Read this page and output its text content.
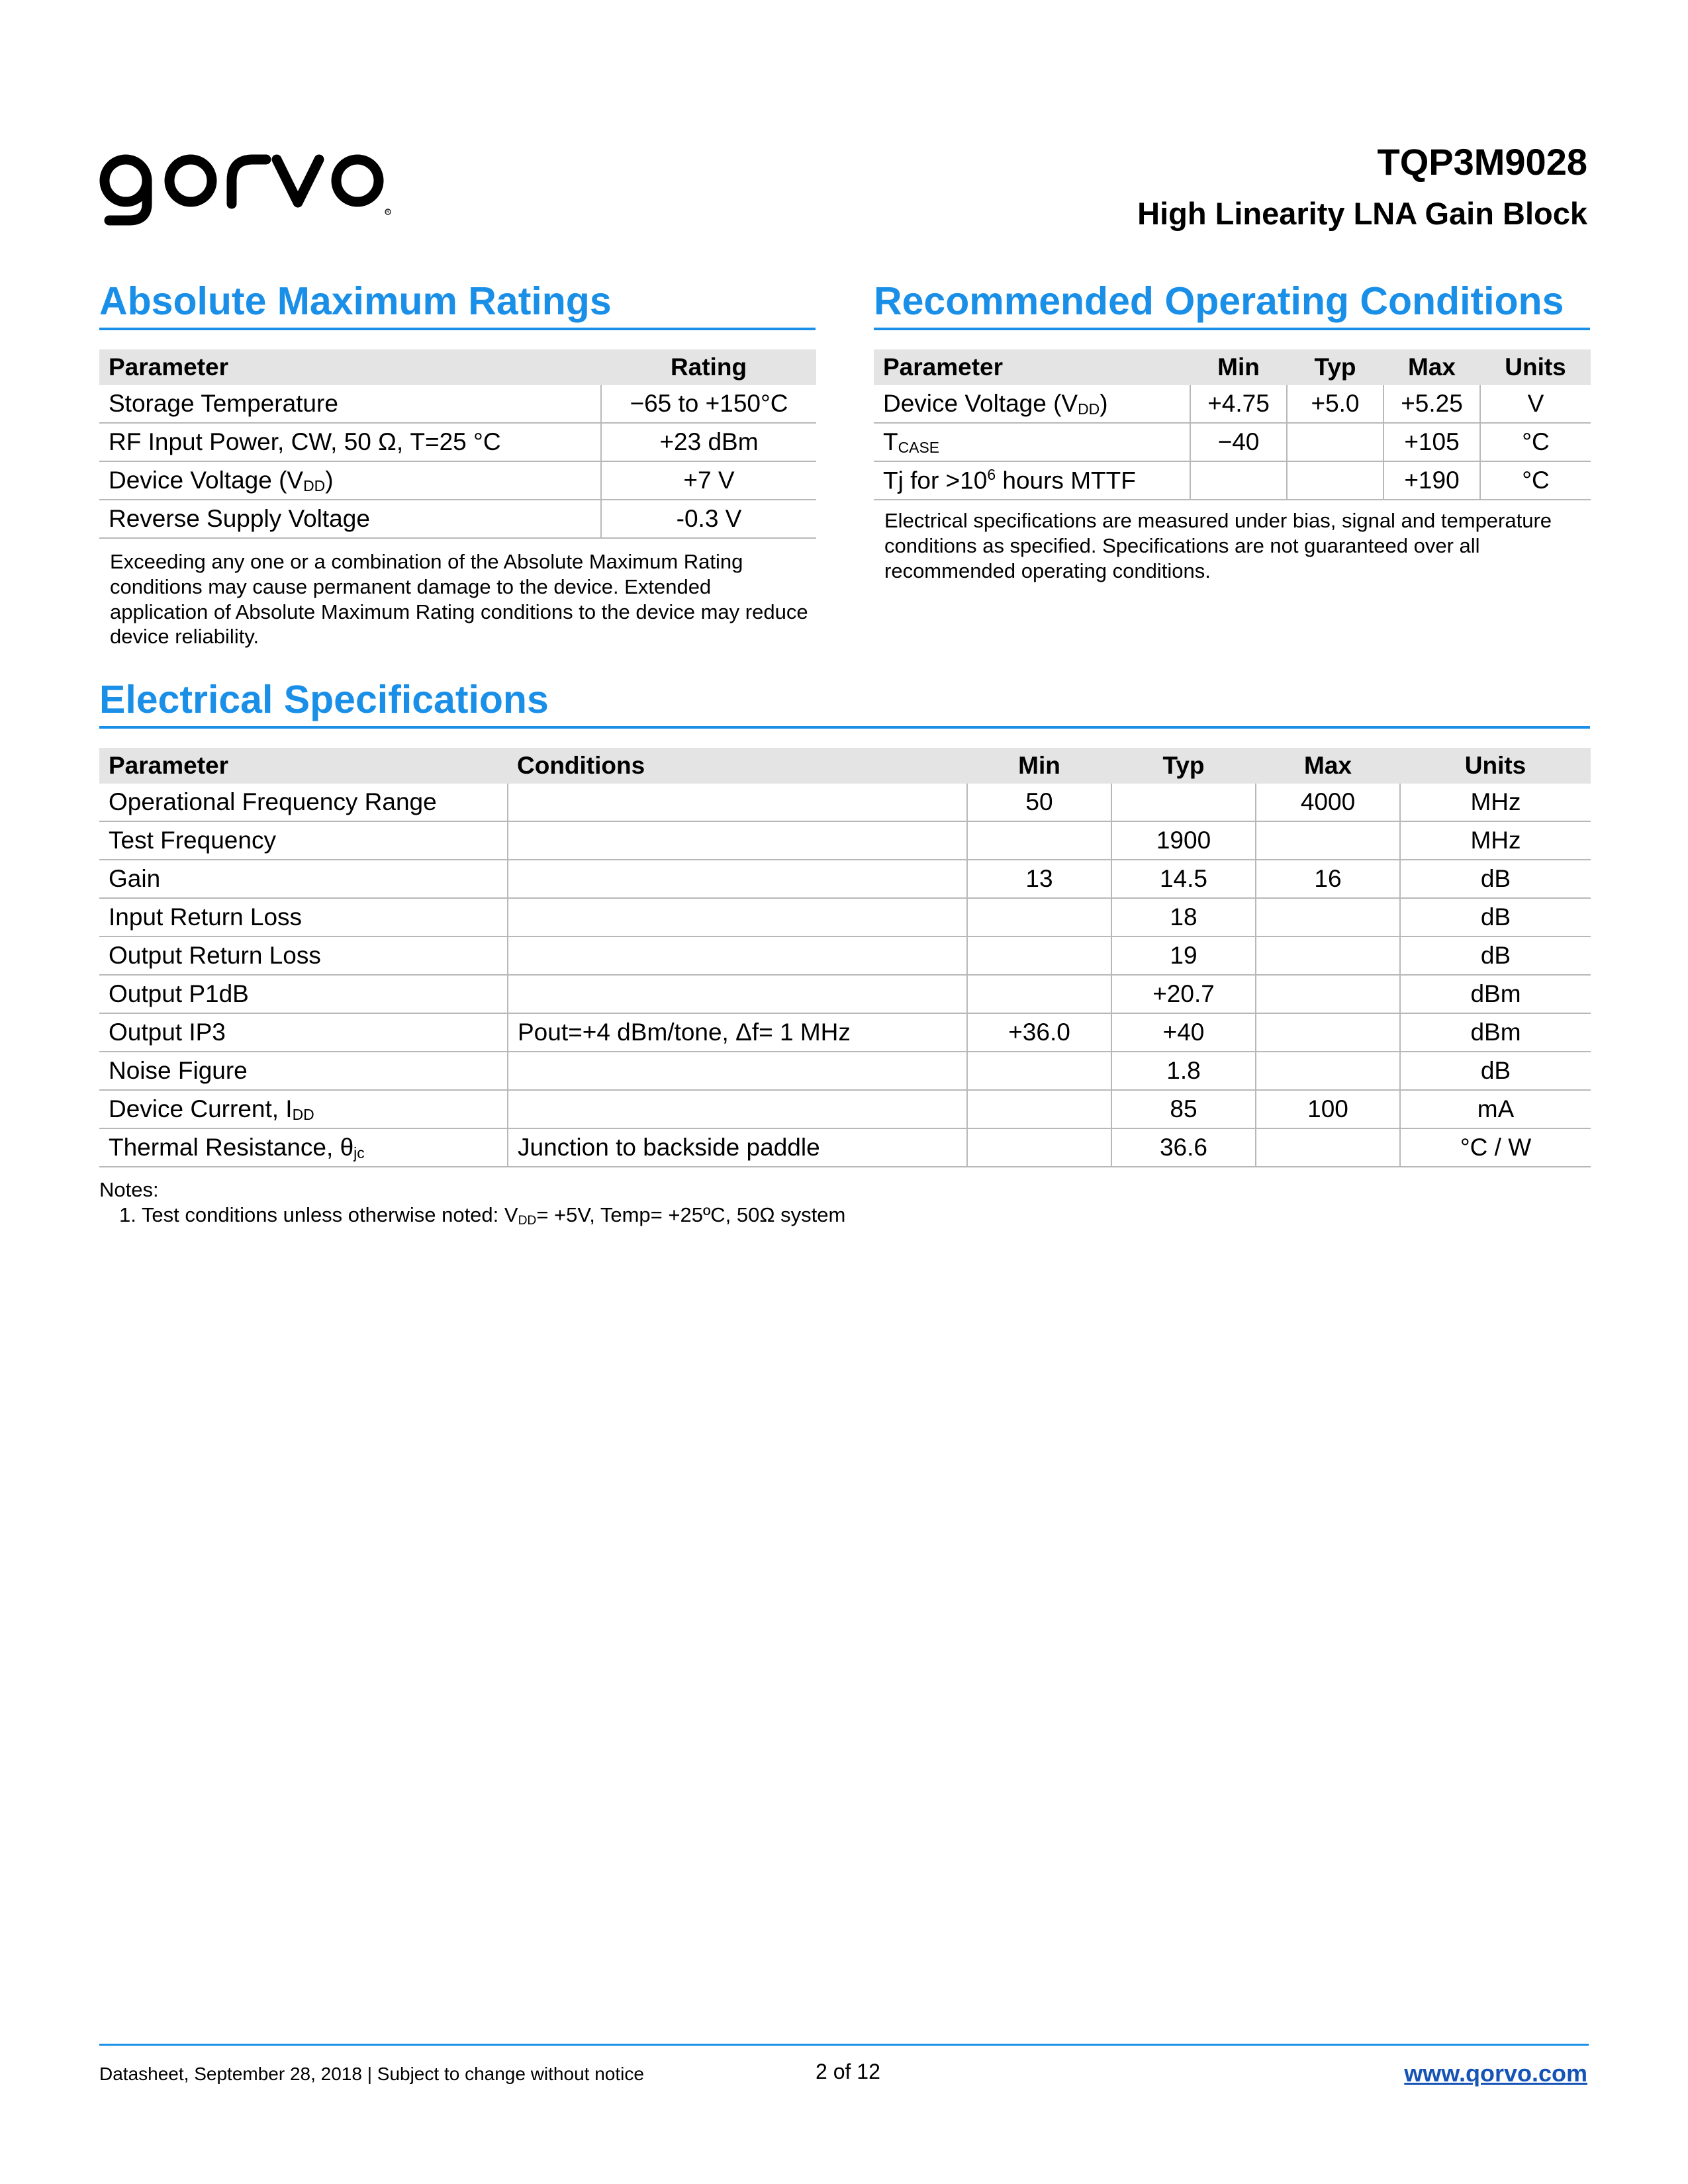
R
TQP3M9028
High Linearity LNA Gain Block
Absolute Maximum Ratings
Parameter	Rating
Storage Temperature	−65 to +150°C
RF Input Power, CW, 50 Ω, T=25 °C	+23 dBm
Device Voltage $(V_{DD})$	+7 V
Reverse Supply Voltage	-0.3 V
Exceeding any one or a combination of the Absolute Maximum Rating conditions may cause permanent damage to the device. Extended application of Absolute Maximum Rating conditions to the device may reduce device reliability.
Recommended Operating Conditions
Parameter	Min	Typ	Max	Units
Device Voltage $(V_{DD})$	+4.75	+5.0	+5.25	V
$T_{CASE}$	−40		+105	°C
Tj for $>10^6$ hours MTTF			+190	°C
Electrical specifications are measured under bias, signal and temperature conditions as specified. Specifications are not guaranteed over all recommended operating conditions.
Electrical Specifications
Parameter	Conditions	Min	Typ	Max	Units
Operational Frequency Range		50		4000	MHz
Test Frequency			1900		MHz
Gain		13	14.5	16	dB
Input Return Loss			18		dB
Output Return Loss			19		dB
Output P1dB			+20.7		dBm
Output IP3	Pout=+4 dBm/tone, Δf= 1 MHz	+36.0	+40		dBm
Noise Figure			1.8		dB
Device Current, $I_{DD}$			85	100	mA
Thermal Resistance, $\theta_{jc}$	Junction to backside paddle		36.6		°C / W
Notes:
1. Test conditions unless otherwise noted: $V_{DD}= +5V$, Temp= +25ºC, 50Ω system
Datasheet, September 28, 2018 | Subject to change without notice	2 of 12	www.qorvo.com
